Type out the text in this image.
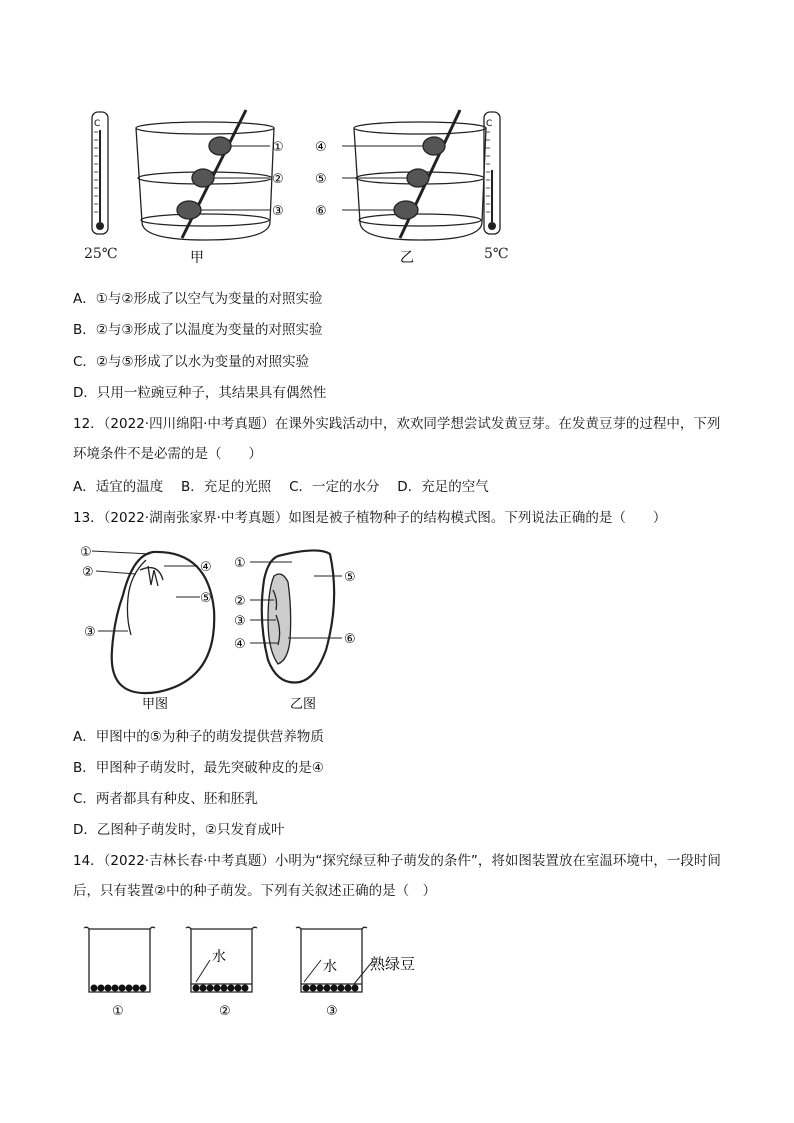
C
25℃
①
②
③
甲
④
⑤
⑥
乙
C
5℃
A．①与②形成了以空气为变量的对照实验
B．②与③形成了以温度为变量的对照实验
C．②与⑤形成了以水为变量的对照实验
D．只用一粒豌豆种子，其结果具有偶然性
12．（2022·四川绵阳·中考真题）在课外实践活动中，欢欢同学想尝试发黄豆芽。在发黄豆芽的过程中，下列环境条件不是必需的是（　　）
A．适宜的温度　 B．充足的光照　 C．一定的水分　 D．充足的空气
13．（2022·湖南张家界·中考真题）如图是被子植物种子的结构模式图。下列说法正确的是（　　）
①
②
③
④
⑤
甲图
①
②
③
④
⑤
⑥
乙图
A．甲图中的⑤为种子的萌发提供营养物质
B．甲图种子萌发时，最先突破种皮的是④
C．两者都具有种皮、胚和胚乳
D．乙图种子萌发时，②只发育成叶
14．（2022·吉林长春·中考真题）小明为“探究绿豆种子萌发的条件”，将如图装置放在室温环境中，一段时间后，只有装置②中的种子萌发。下列有关叙述正确的是（　）
①
水
②
水 熟绿豆
③
